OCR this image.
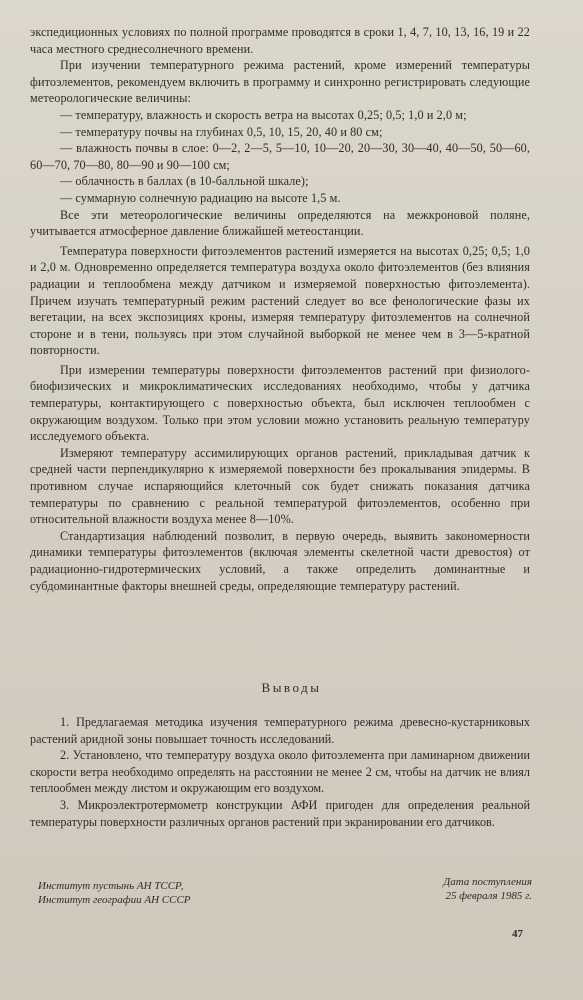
экспедиционных условиях по полной программе проводятся в сроки 1, 4, 7, 10, 13, 16, 19 и 22 часа местного среднесолнечного времени.

При изучении температурного режима растений, кроме измерений температуры фитоэлементов, рекомендуем включить в программу и синхронно регистрировать следующие метеорологические величины:

— температуру, влажность и скорость ветра на высотах 0,25; 0,5; 1,0 и 2,0 м;

— температуру почвы на глубинах 0,5, 10, 15, 20, 40 и 80 см;

— влажность почвы в слое: 0—2, 2—5, 5—10, 10—20, 20—30, 30—40, 40—50, 50—60, 60—70, 70—80, 80—90 и 90—100 см;

— облачность в баллах (в 10-балльной шкале);

— суммарную солнечную радиацию на высоте 1,5 м.

Все эти метеорологические величины определяются на межкроновой поляне, учитывается атмосферное давление ближайшей метеостанции.

Температура поверхности фитоэлементов растений измеряется на высотах 0,25; 0,5; 1,0 и 2,0 м. Одновременно определяется температура воздуха около фитоэлементов (без влияния радиации и теплообмена между датчиком и измеряемой поверхностью фитоэлемента). Причем изучать температурный режим растений следует во все фенологические фазы их вегетации, на всех экспозициях кроны, измеряя температуру фитоэлементов на солнечной стороне и в тени, пользуясь при этом случайной выборкой не менее чем в 3—5-кратной повторности.

При измерении температуры поверхности фитоэлементов растений при физиолого-биофизических и микроклиматических исследованиях необходимо, чтобы у датчика температуры, контактирующего с поверхностью объекта, был исключен теплообмен с окружающим воздухом. Только при этом условии можно установить реальную температуру исследуемого объекта.

Измеряют температуру ассимилирующих органов растений, прикладывая датчик к средней части перпендикулярно к измеряемой поверхности без прокалывания эпидермы. В противном случае испаряющийся клеточный сок будет снижать показания датчика температуры по сравнению с реальной температурой фитоэлементов, особенно при относительной влажности воздуха менее 8—10%.

Стандартизация наблюдений позволит, в первую очередь, выявить закономерности динамики температуры фитоэлементов (включая элементы скелетной части древостоя) от радиационно-гидротермических условий, а также определить доминантные и субдоминантные факторы внешней среды, определяющие температуру растений.

Выводы

1. Предлагаемая методика изучения температурного режима древесно-кустарниковых растений аридной зоны повышает точность исследований.

2. Установлено, что температуру воздуха около фитоэлемента при ламинарном движении скорости ветра необходимо определять на расстоянии не менее 2 см, чтобы на датчик не влиял теплообмен между листом и окружающим его воздухом.

3. Микроэлектротермометр конструкции АФИ пригоден для определения реальной температуры поверхности различных органов растений при экранировании его датчиков.

Институт пустынь АН ТССР,
Институт географии АН СССР
Дата поступления
25 февраля 1985 г.
47
